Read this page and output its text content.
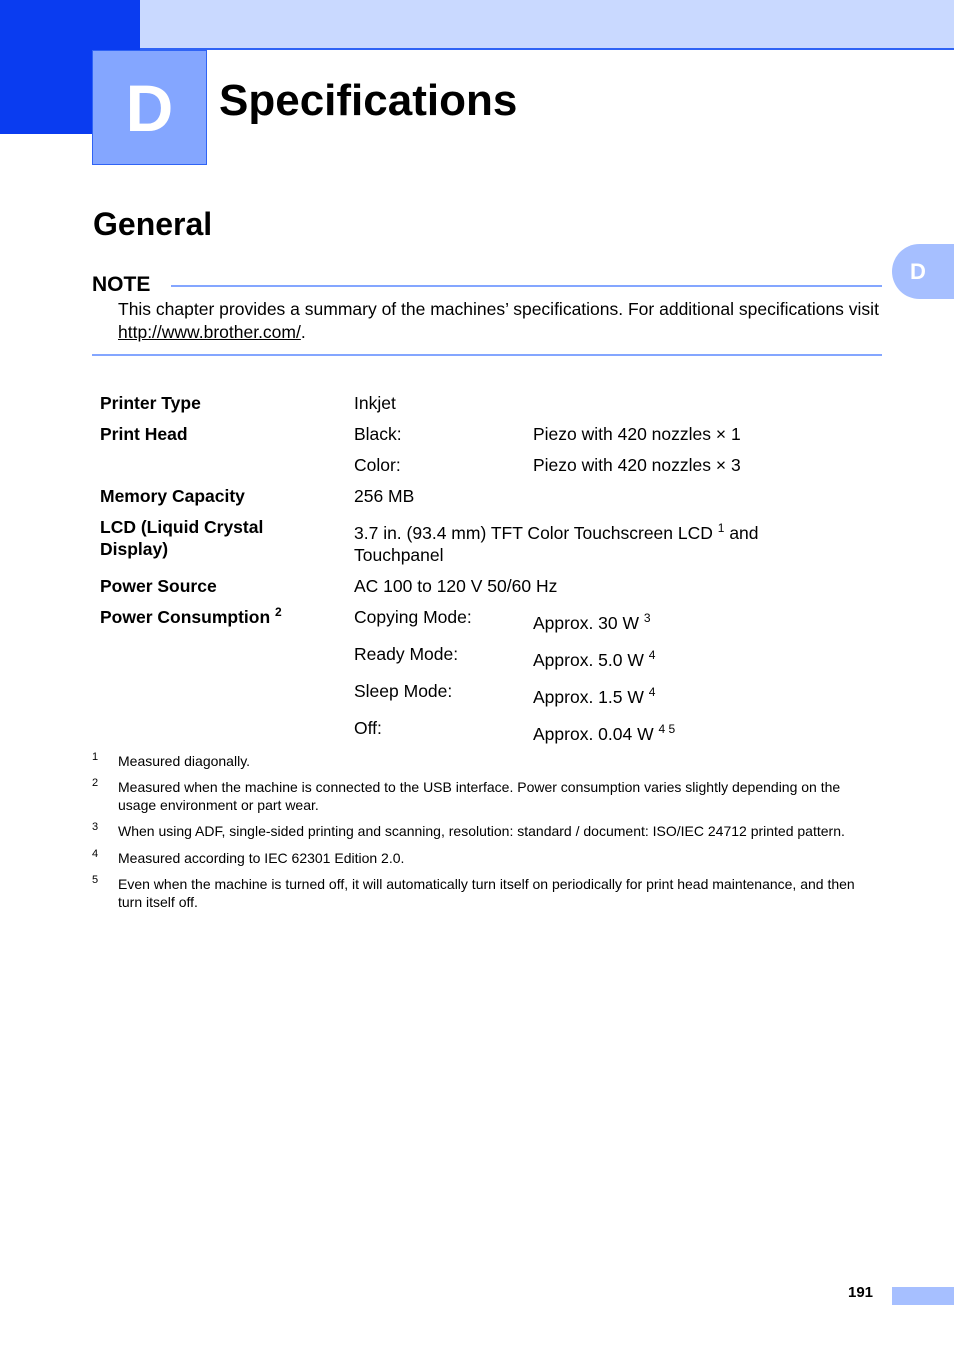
D	Specifications
General
D
NOTE

This chapter provides a summary of the machines’ specifications. For additional specifications visit http://www.brother.com/.

Printer Type	Inkjet	
Print Head	Black:	Piezo with 420 nozzles × 1
	Color:	Piezo with 420 nozzles × 3
Memory Capacity	256 MB	
LCD (Liquid Crystal
Display)	3.7 in. (93.4 mm) TFT Color Touchscreen LCD $^1$ and
Touchpanel	
Power Source	AC 100 to 120 V 50/60 Hz	
Power Consumption $^2$	Copying Mode:	Approx. 30 W $^3$
	Ready Mode:	Approx. 5.0 W $^4$
	Sleep Mode:	Approx. 1.5 W $^4$
	Off:	Approx. 0.04 W $^{4 5}$
1 Measured diagonally.
2 Measured when the machine is connected to the USB interface. Power consumption varies slightly depending on the usage environment or part wear.
3 When using ADF, single-sided printing and scanning, resolution: standard / document: ISO/IEC 24712 printed pattern.
4 Measured according to IEC 62301 Edition 2.0.
5 Even when the machine is turned off, it will automatically turn itself on periodically for print head maintenance, and then turn itself off.
191
